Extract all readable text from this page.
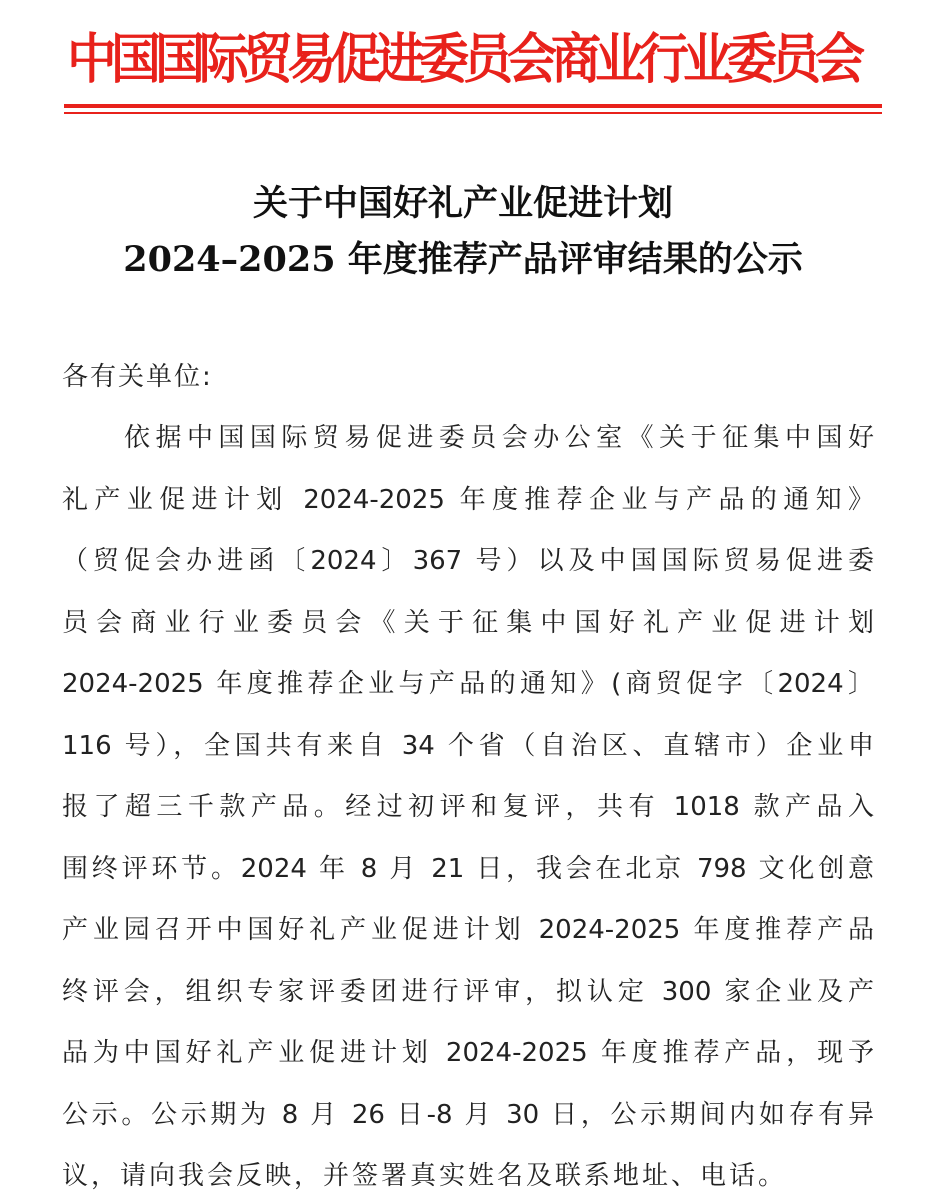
中国国际贸易促进委员会商业行业委员会
关于中国好礼产业促进计划
2024–2025 年度推荐产品评审结果的公示
各有关单位:
依据中国国际贸易促进委员会办公室《关于征集中国好
礼产业促进计划 2024-2025 年度推荐企业与产品的通知》
（贸促会办进函〔2024〕367 号）以及中国国际贸易促进委
员会商业行业委员会《关于征集中国好礼产业促进计划
2024-2025 年度推荐企业与产品的通知》(商贸促字〔2024〕
116 号），全国共有来自 34 个省（自治区、直辖市）企业申
报了超三千款产品。经过初评和复评，共有 1018 款产品入
围终评环节。2024 年 8 月 21 日，我会在北京 798 文化创意
产业园召开中国好礼产业促进计划 2024-2025 年度推荐产品
终评会，组织专家评委团进行评审，拟认定 300 家企业及产
品为中国好礼产业促进计划 2024-2025 年度推荐产品，现予
公示。公示期为 8 月 26 日-8 月 30 日，公示期间内如存有异
议，请向我会反映，并签署真实姓名及联系地址、电话。
